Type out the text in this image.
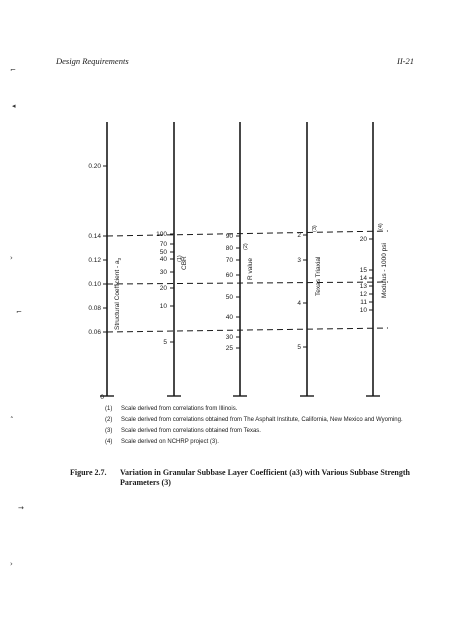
Design Requirements	II-21
⌐
◂
›
⌐
˄
→
›
0.20
0.14
0.12
0.10
0.08
0.06
0
Structural Coefficient - $a_3$
100
70
50
40
30
20
10
5
CBR
(1)
90
80
70
60
50
40
30
25
R value
(2)
2
3
4
5
Texas Triaxial
(3)
20
15
14
13
12
11
10
Modulus - 1000 psi
(4)
(1)	Scale derived from correlations from Illinois.
(2)	Scale derived from correlations obtained from The Asphalt Institute, California, New Mexico and Wyoming.
(3)	Scale derived from correlations obtained from Texas.
(4)	Scale derived on NCHRP project (3).
Figure 2.7.	Variation in Granular Subbase Layer Coefficient (a3) with Various Subbase Strength Parameters (3)
